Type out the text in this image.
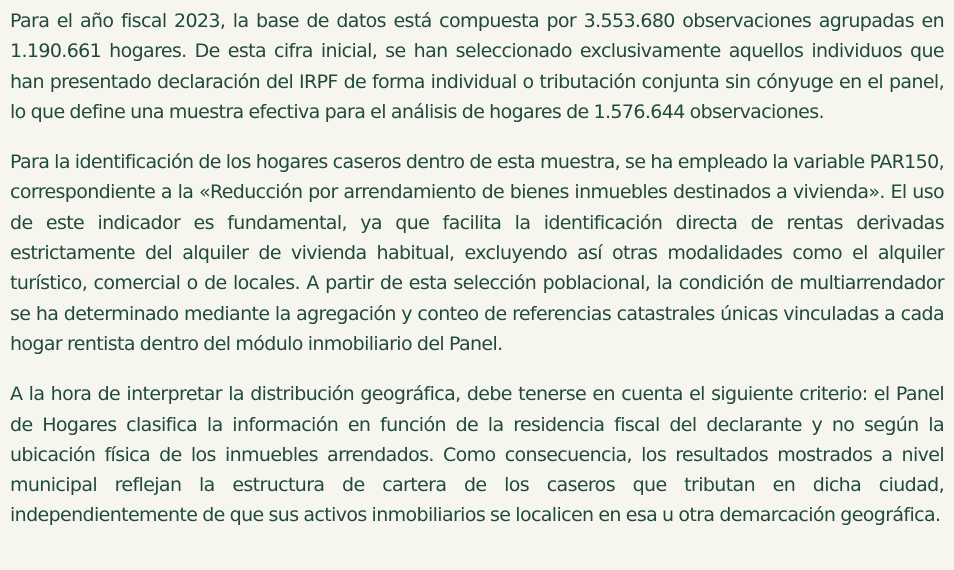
Para el año fiscal 2023, la base de datos está compuesta por 3.553.680 observaciones agrupadas en 1.190.661 hogares. De esta cifra inicial, se han seleccionado exclusivamente aquellos individuos que han presentado declaración del IRPF de forma individual o tributación conjunta sin cónyuge en el panel, lo que define una muestra efectiva para el análisis de hogares de 1.576.644 observaciones.

Para la identificación de los hogares caseros dentro de esta muestra, se ha empleado la variable PAR150, correspondiente a la «Reducción por arrendamiento de bienes inmuebles destinados a vivienda». El uso de este indicador es fundamental, ya que facilita la identificación directa de rentas derivadas estrictamente del alquiler de vivienda habitual, excluyendo así otras modalidades como el alquiler turístico, comercial o de locales. A partir de esta selección poblacional, la condición de multiarrendador se ha determinado mediante la agregación y conteo de referencias catastrales únicas vinculadas a cada hogar rentista dentro del módulo inmobiliario del Panel.

A la hora de interpretar la distribución geográfica, debe tenerse en cuenta el siguiente criterio: el Panel de Hogares clasifica la información en función de la residencia fiscal del declarante y no según la ubicación física de los inmuebles arrendados. Como consecuencia, los resultados mostrados a nivel municipal reflejan la estructura de cartera de los caseros que tributan en dicha ciudad, independientemente de que sus activos inmobiliarios se localicen en esa u otra demarcación geográfica.
